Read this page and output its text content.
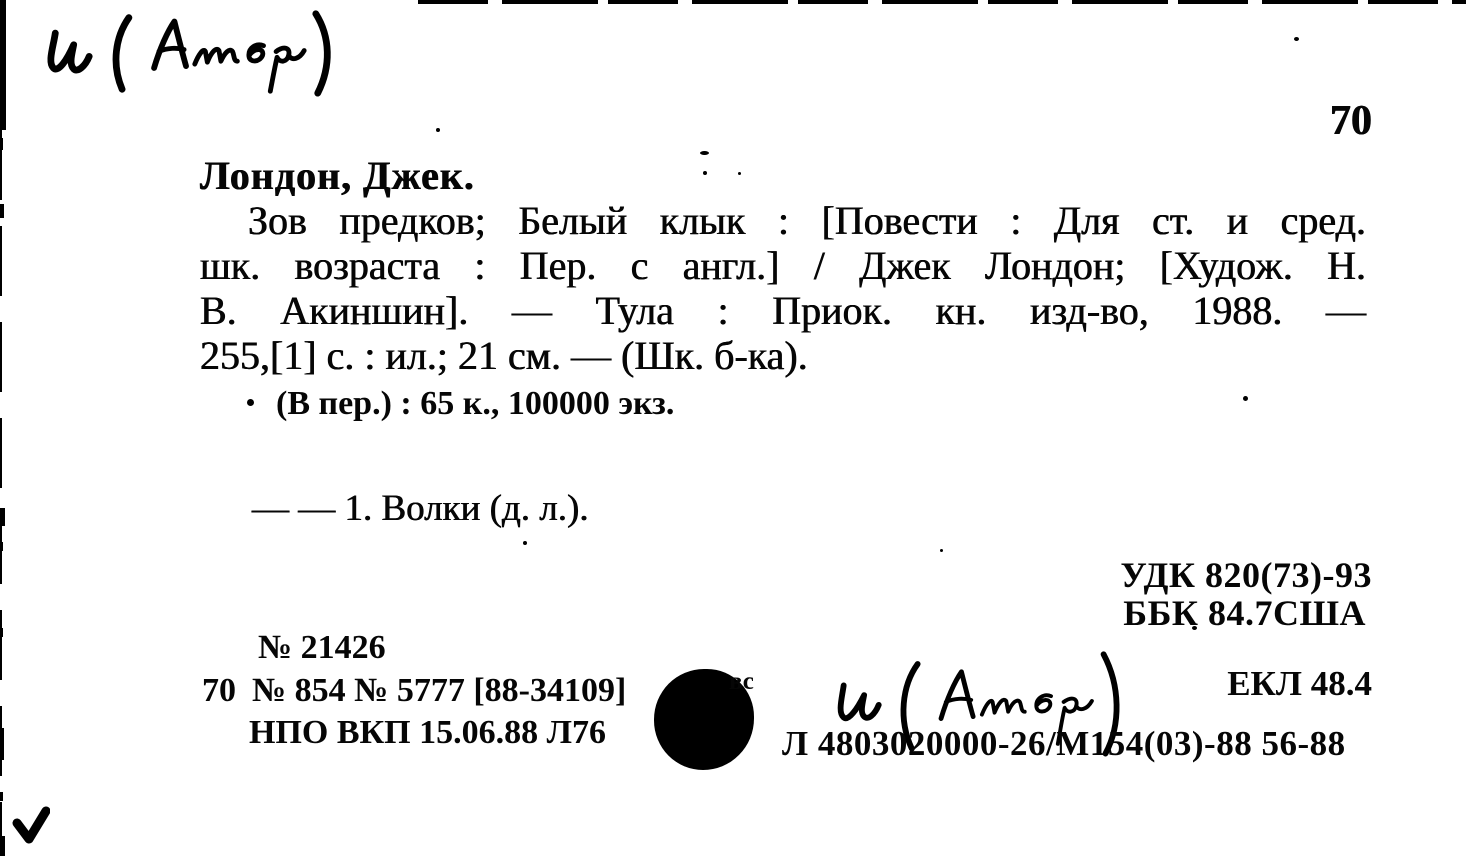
70
Лондон, Джек.
Зов предков; Белый клык : [Повести : Для ст. и сред.
шк. возраста : Пер. с англ.] / Джек Лондон; [Худож. Н.
В. Акиншин]. — Тула : Приок. кн. изд-во, 1988. —
255,[1] с. : ил.; 21 см. — (Шк. б-ка).
(В пер.) : 65 к., 100000 экз.
— — 1. Волки (д. л.).
УДК 820(73)-93
ББК 84.7США
№ 21426
70 № 854 № 5777 [88-34109]	вс
НПО ВКП 15.06.88 Л76
ЕКЛ 48.4
Л 4803020000-26/М154(03)-88 56-88
